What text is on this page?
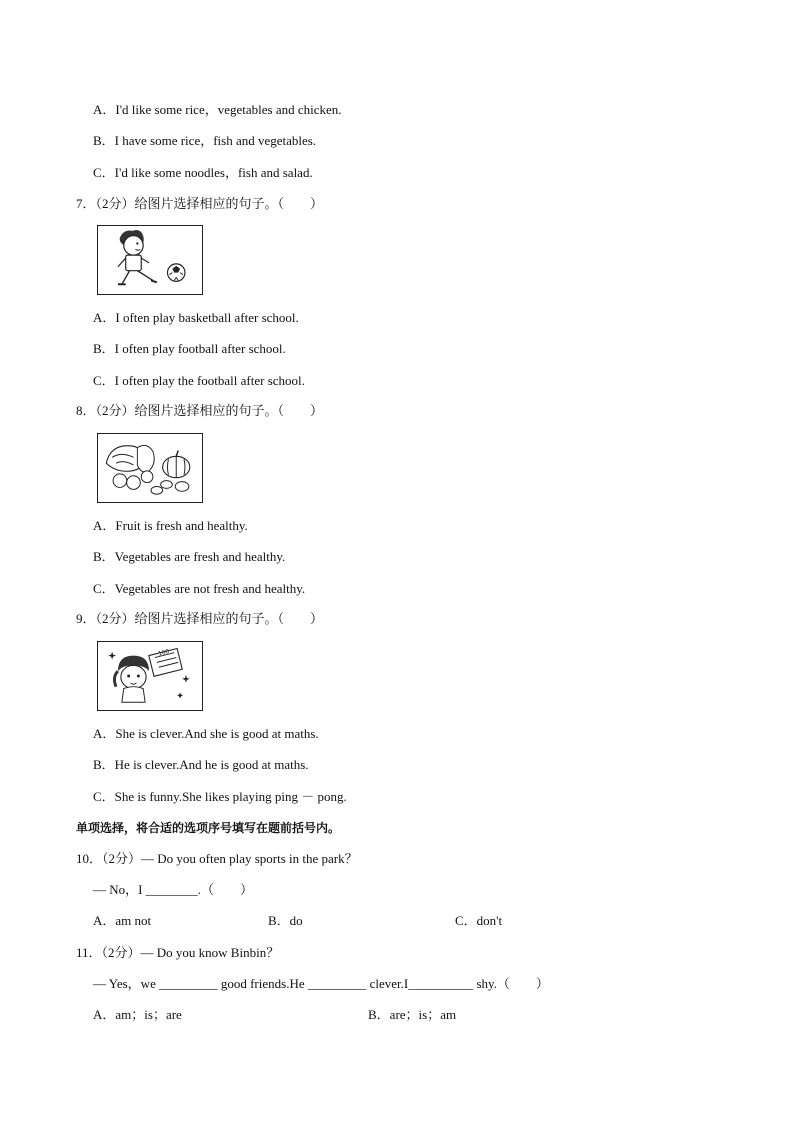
A．I'd like some rice，vegetables and chicken.
B．I have some rice，fish and vegetables.
C．I'd like some noodles，fish and salad.
7．（2分）给图片选择相应的句子。（　　）
A．I often play basketball after school.
B．I often play football after school.
C．I often play the football after school.
8．（2分）给图片选择相应的句子。（　　）
A．Fruit is fresh and healthy.
B．Vegetables are fresh and healthy.
C．Vegetables are not fresh and healthy.
9．（2分）给图片选择相应的句子。（　　）
100
A．She is clever.And she is good at maths.
B．He is clever.And he is good at maths.
C．She is funny.She likes playing ping － pong.
单项选择，将合适的选项序号填写在题前括号内。
10．（2分）— Do you often play sports in the park？
— No，I ________.（　　）
A．am not	B．do	C．don't
11．（2分）— Do you know Binbin？
— Yes，we _________ good friends.He _________ clever.I__________ shy.（　　）
A．am；is；are	B．are；is；am
